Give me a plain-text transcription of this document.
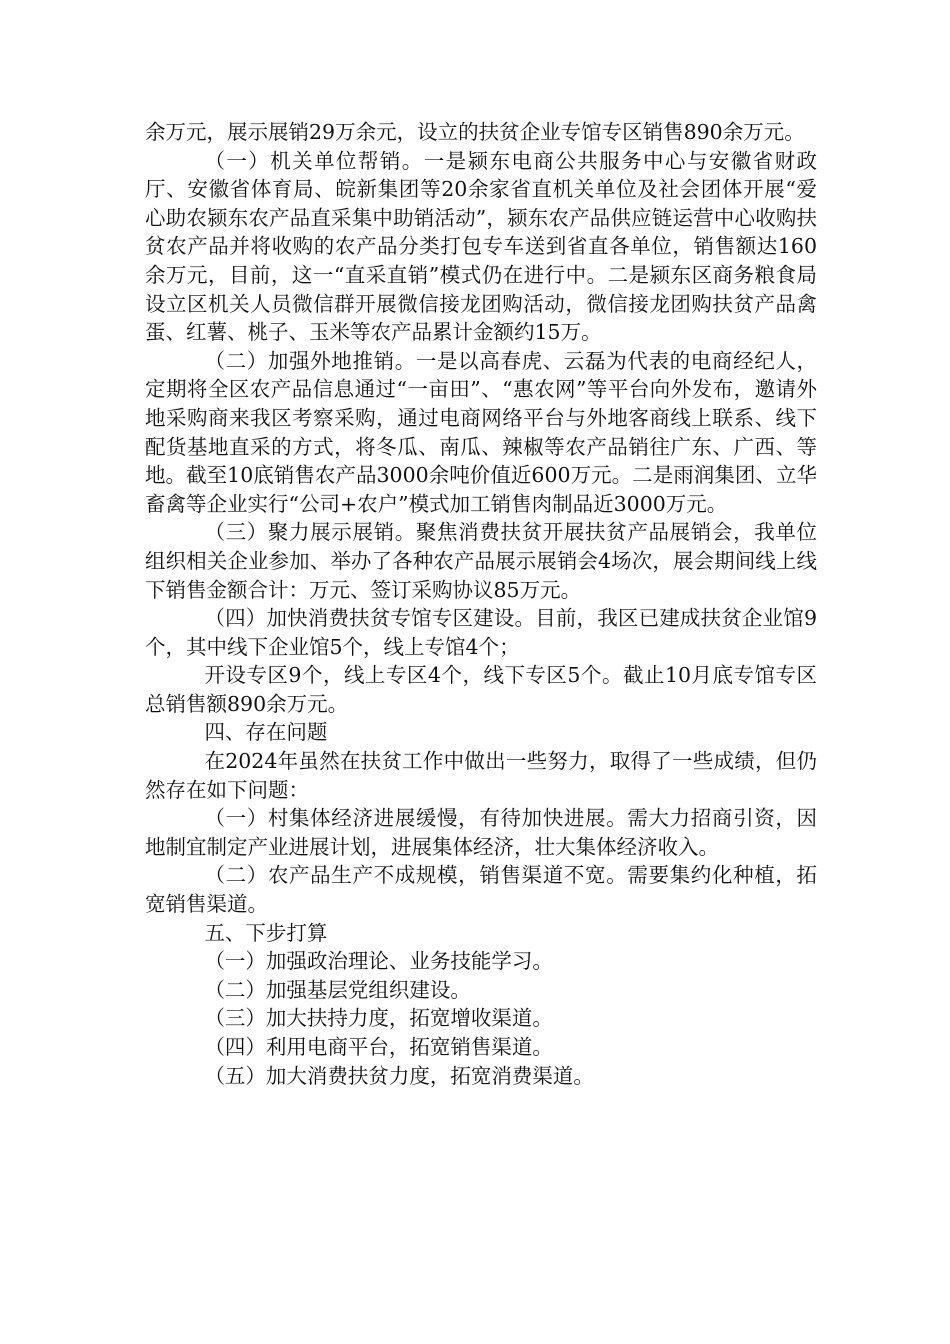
余万元，展示展销29万余元，设立的扶贫企业专馆专区销售890余万元。

（一）机关单位帮销。一是颍东电商公共服务中心与安徽省财政厅、安徽省体育局、皖新集团等20余家省直机关单位及社会团体开展“爱心助农颍东农产品直采集中助销活动”，颍东农产品供应链运营中心收购扶贫农产品并将收购的农产品分类打包专车送到省直各单位，销售额达160余万元，目前，这一“直采直销”模式仍在进行中。二是颍东区商务粮食局设立区机关人员微信群开展微信接龙团购活动，微信接龙团购扶贫产品禽蛋、红薯、桃子、玉米等农产品累计金额约15万。

（二）加强外地推销。一是以高春虎、云磊为代表的电商经纪人，定期将全区农产品信息通过“一亩田”、“惠农网”等平台向外发布，邀请外地采购商来我区考察采购，通过电商网络平台与外地客商线上联系、线下配货基地直采的方式，将冬瓜、南瓜、辣椒等农产品销往广东、广西、等地。截至10底销售农产品3000余吨价值近600万元。二是雨润集团、立华畜禽等企业实行“公司+农户”模式加工销售肉制品近3000万元。

（三）聚力展示展销。聚焦消费扶贫开展扶贫产品展销会，我单位组织相关企业参加、举办了各种农产品展示展销会4场次，展会期间线上线下销售金额合计：万元、签订采购协议85万元。

（四）加快消费扶贫专馆专区建设。目前，我区已建成扶贫企业馆9个，其中线下企业馆5个，线上专馆4个；

开设专区9个，线上专区4个，线下专区5个。截止10月底专馆专区总销售额890余万元。

四、存在问题

在2024年虽然在扶贫工作中做出一些努力，取得了一些成绩，但仍然存在如下问题：

（一）村集体经济进展缓慢，有待加快进展。需大力招商引资，因地制宜制定产业进展计划，进展集体经济，壮大集体经济收入。

（二）农产品生产不成规模，销售渠道不宽。需要集约化种植，拓宽销售渠道。

五、下步打算

（一）加强政治理论、业务技能学习。

（二）加强基层党组织建设。

（三）加大扶持力度，拓宽增收渠道。

（四）利用电商平台，拓宽销售渠道。

（五）加大消费扶贫力度，拓宽消费渠道。
